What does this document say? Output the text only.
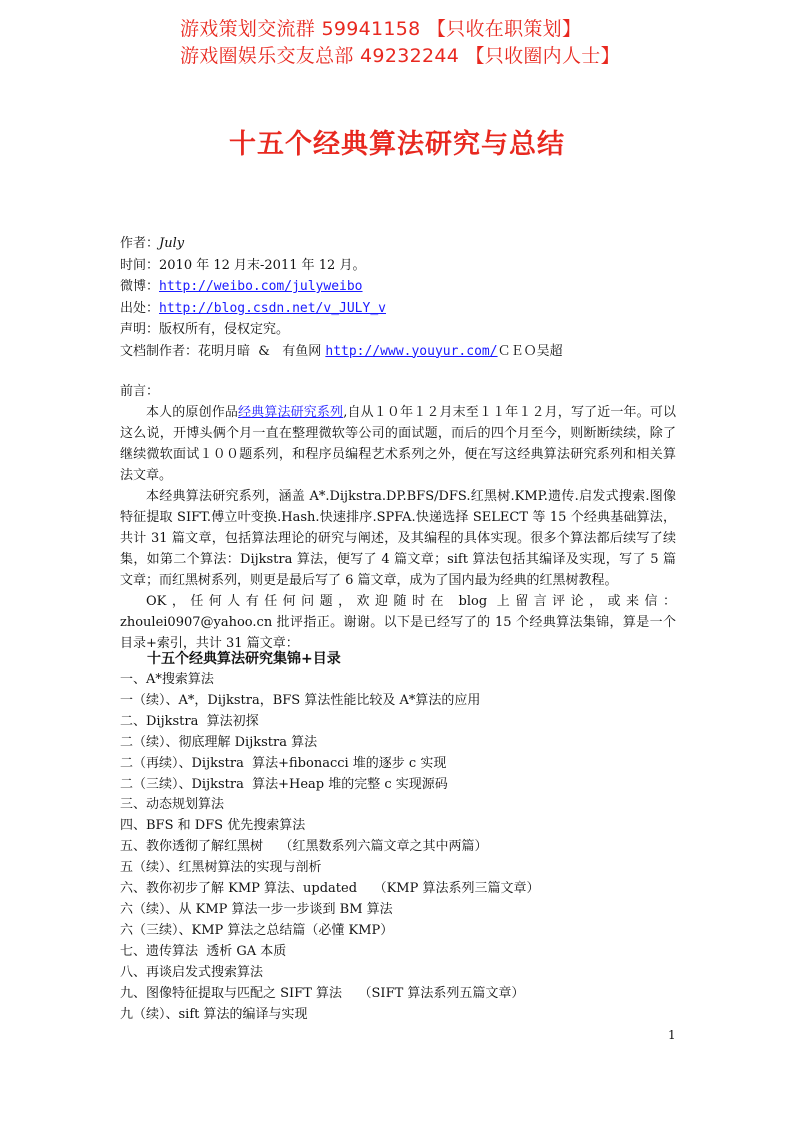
游戏策划交流群 59941158 【只收在职策划】
游戏圈娱乐交友总部 49232244 【只收圈内人士】
十五个经典算法研究与总结
作者：July
时间：2010 年 12 月末-2011 年 12 月。
微博：http://weibo.com/julyweibo
出处：http://blog.csdn.net/v_JULY_v
声明：版权所有，侵权定究。
文档制作者：花明月暗  &   有鱼网 http://www.youyur.com/ＣＥＯ吴超

前言：

本人的原创作品经典算法研究系列,自从１０年１２月末至１１年１２月，写了近一年。可以这么说，开博头俩个月一直在整理微软等公司的面试题，而后的四个月至今，则断断续续，除了继续微软面试１００题系列，和程序员编程艺术系列之外，便在写这经典算法研究系列和相关算法文章。

本经典算法研究系列，涵盖 A*.Dijkstra.DP.BFS/DFS.红黑树.KMP.遗传.启发式搜索.图像特征提取 SIFT.傅立叶变换.Hash.快速排序.SPFA.快递选择 SELECT 等 15 个经典基础算法，共计 31 篇文章，包括算法理论的研究与阐述，及其编程的具体实现。很多个算法都后续写了续集，如第二个算法：Dijkstra 算法，便写了 4 篇文章；sift 算法包括其编译及实现，写了 5 篇文章；而红黑树系列，则更是最后写了 6 篇文章，成为了国内最为经典的红黑树教程。

OK，任何人有任何问题，欢迎随时在 blog 上留言评论，或来信：zhoulei0907@yahoo.cn 批评指正。谢谢。以下是已经写了的 15 个经典算法集锦，算是一个目录+索引，共计 31 篇文章：

十五个经典算法研究集锦+目录
一、A*搜索算法
一（续）、A*，Dijkstra，BFS 算法性能比较及 A*算法的应用
二、Dijkstra  算法初探
二（续）、彻底理解 Dijkstra 算法
二（再续）、Dijkstra  算法+fibonacci 堆的逐步 c 实现
二（三续）、Dijkstra  算法+Heap 堆的完整 c 实现源码
三、动态规划算法
四、BFS 和 DFS 优先搜索算法
五、教你透彻了解红黑树    （红黑数系列六篇文章之其中两篇）
五（续）、红黑树算法的实现与剖析
六、教你初步了解 KMP 算法、updated    （KMP 算法系列三篇文章）
六（续）、从 KMP 算法一步一步谈到 BM 算法
六（三续）、KMP 算法之总结篇（必懂 KMP）
七、遗传算法  透析 GA 本质
八、再谈启发式搜索算法
九、图像特征提取与匹配之 SIFT 算法    （SIFT 算法系列五篇文章）
九（续）、sift 算法的编译与实现
1
